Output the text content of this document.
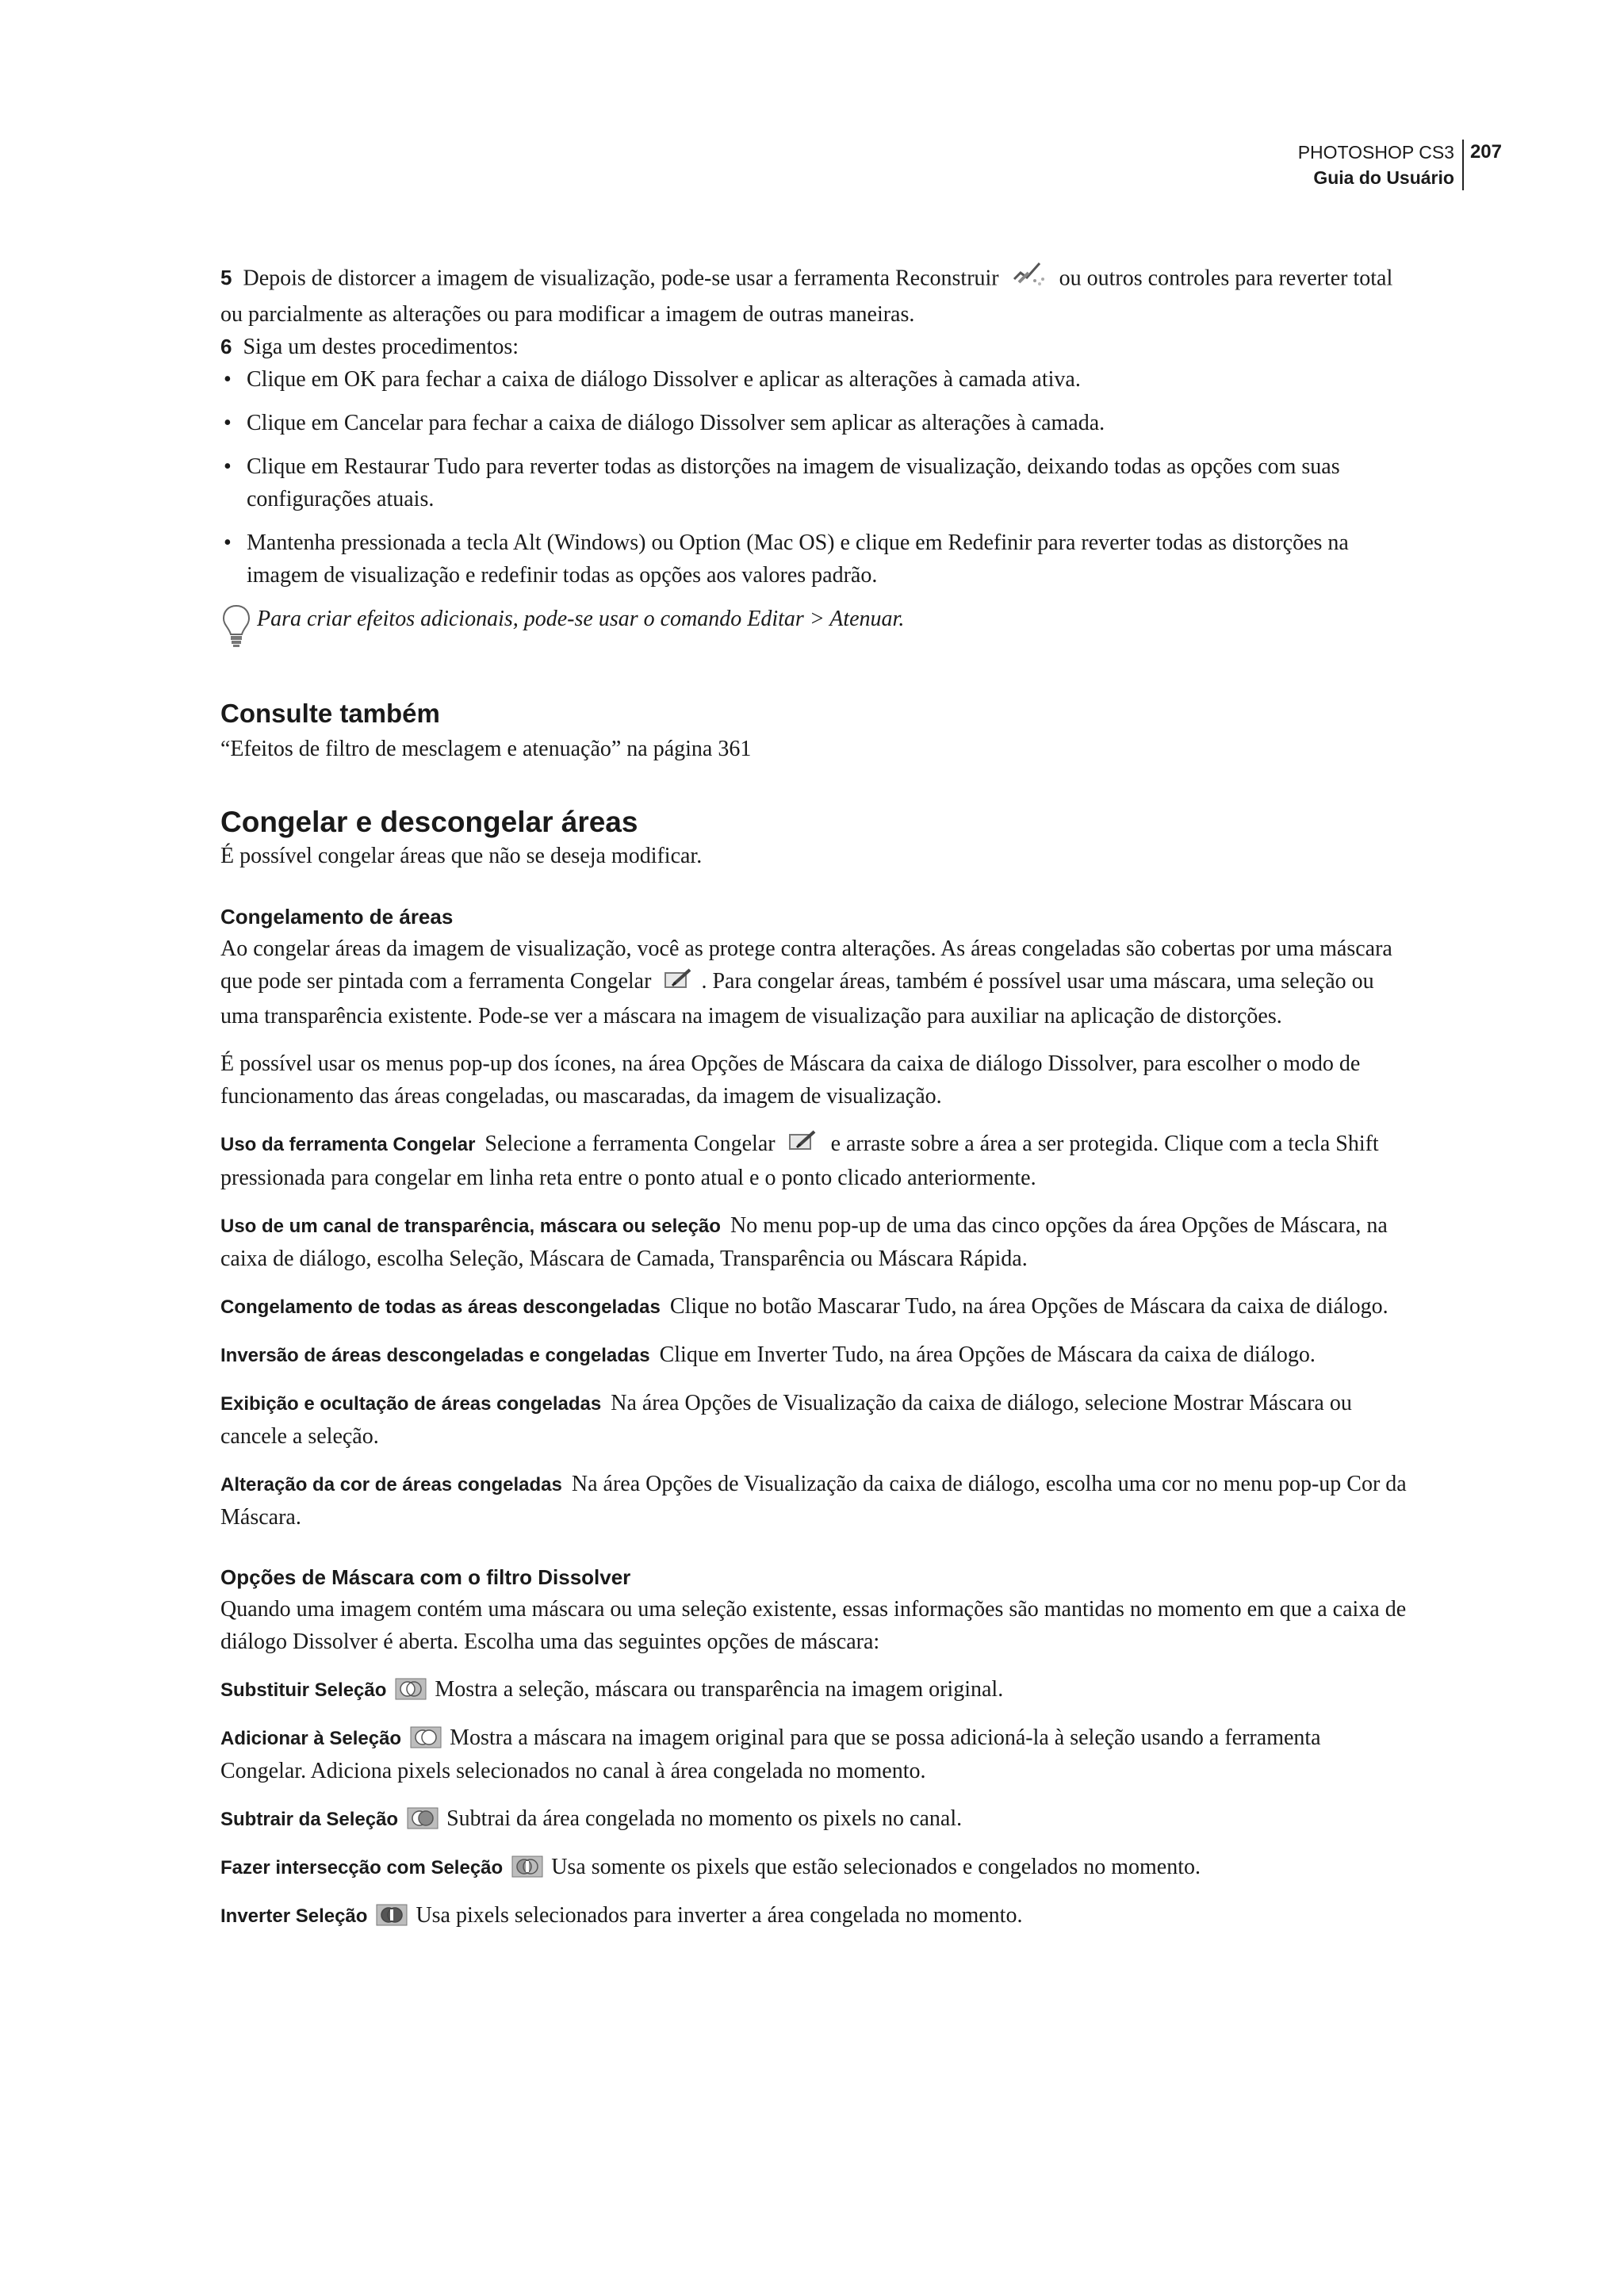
PHOTOSHOP CS3
Guia do Usuário
207

5 Depois de distorcer a imagem de visualização, pode-se usar a ferramenta Reconstruir	ou outros controles para reverter total ou parcialmente as alterações ou para modificar a imagem de outras maneiras.

6 Siga um destes procedimentos:

• Clique em OK para fechar a caixa de diálogo Dissolver e aplicar as alterações à camada ativa.
• Clique em Cancelar para fechar a caixa de diálogo Dissolver sem aplicar as alterações à camada.
• Clique em Restaurar Tudo para reverter todas as distorções na imagem de visualização, deixando todas as opções com suas configurações atuais.
• Mantenha pressionada a tecla Alt (Windows) ou Option (Mac OS) e clique em Redefinir para reverter todas as distorções na imagem de visualização e redefinir todas as opções aos valores padrão.

Para criar efeitos adicionais, pode-se usar o comando Editar > Atenuar.

Consulte também

“Efeitos de filtro de mesclagem e atenuação” na página 361

Congelar e descongelar áreas

É possível congelar áreas que não se deseja modificar.

Congelamento de áreas

Ao congelar áreas da imagem de visualização, você as protege contra alterações. As áreas congeladas são cobertas por uma máscara que pode ser pintada com a ferramenta Congelar . Para congelar áreas, também é possível usar uma máscara, uma seleção ou uma transparência existente. Pode-se ver a máscara na imagem de visualização para auxiliar na aplicação de distorções.

É possível usar os menus pop-up dos ícones, na área Opções de Máscara da caixa de diálogo Dissolver, para escolher o modo de funcionamento das áreas congeladas, ou mascaradas, da imagem de visualização.

Uso da ferramenta Congelar Selecione a ferramenta Congelar	e arraste sobre a área a ser protegida. Clique com a tecla Shift pressionada para congelar em linha reta entre o ponto atual e o ponto clicado anteriormente.

Uso de um canal de transparência, máscara ou seleção No menu pop-up de uma das cinco opções da área Opções de Máscara, na caixa de diálogo, escolha Seleção, Máscara de Camada, Transparência ou Máscara Rápida.

Congelamento de todas as áreas descongeladas Clique no botão Mascarar Tudo, na área Opções de Máscara da caixa de diálogo.

Inversão de áreas descongeladas e congeladas Clique em Inverter Tudo, na área Opções de Máscara da caixa de diálogo.

Exibição e ocultação de áreas congeladas Na área Opções de Visualização da caixa de diálogo, selecione Mostrar Máscara ou cancele a seleção.

Alteração da cor de áreas congeladas Na área Opções de Visualização da caixa de diálogo, escolha uma cor no menu pop-up Cor da Máscara.

Opções de Máscara com o filtro Dissolver

Quando uma imagem contém uma máscara ou uma seleção existente, essas informações são mantidas no momento em que a caixa de diálogo Dissolver é aberta. Escolha uma das seguintes opções de máscara:

Substituir Seleção Mostra a seleção, máscara ou transparência na imagem original.

Adicionar à Seleção Mostra a máscara na imagem original para que se possa adicioná-la à seleção usando a ferramenta Congelar. Adiciona pixels selecionados no canal à área congelada no momento.

Subtrair da Seleção Subtrai da área congelada no momento os pixels no canal.

Fazer intersecção com Seleção Usa somente os pixels que estão selecionados e congelados no momento.

Inverter Seleção Usa pixels selecionados para inverter a área congelada no momento.
